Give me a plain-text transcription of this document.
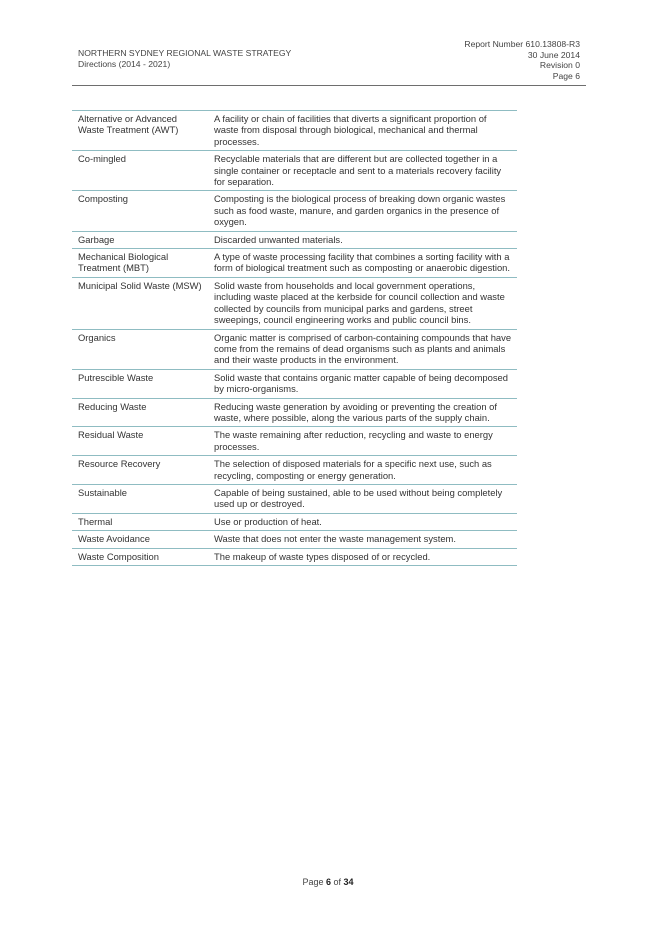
NORTHERN SYDNEY REGIONAL WASTE STRATEGY
Directions (2014 - 2021)
Report Number 610.13808-R3
30 June 2014
Revision 0
Page 6
Alternative or Advanced Waste Treatment (AWT)	A facility or chain of facilities that diverts a significant proportion of waste from disposal through biological, mechanical and thermal processes.
Co-mingled	Recyclable materials that are different but are collected together in a single container or receptacle and sent to a materials recovery facility for separation.
Composting	Composting is the biological process of breaking down organic wastes such as food waste, manure, and garden organics in the presence of oxygen.
Garbage	Discarded unwanted materials.
Mechanical Biological Treatment (MBT)	A type of waste processing facility that combines a sorting facility with a form of biological treatment such as composting or anaerobic digestion.
Municipal Solid Waste (MSW)	Solid waste from households and local government operations, including waste placed at the kerbside for council collection and waste collected by councils from municipal parks and gardens, street sweepings, council engineering works and public council bins.
Organics	Organic matter is comprised of carbon-containing compounds that have come from the remains of dead organisms such as plants and animals and their waste products in the environment.
Putrescible Waste	Solid waste that contains organic matter capable of being decomposed by micro-organisms.
Reducing Waste	Reducing waste generation by avoiding or preventing the creation of waste, where possible, along the various parts of the supply chain.
Residual Waste	The waste remaining after reduction, recycling and waste to energy processes.
Resource Recovery	The selection of disposed materials for a specific next use, such as recycling, composting or energy generation.
Sustainable	Capable of being sustained, able to be used without being completely used up or destroyed.
Thermal	Use or production of heat.
Waste Avoidance	Waste that does not enter the waste management system.
Waste Composition	The makeup of waste types disposed of or recycled.
Page 6 of 34
